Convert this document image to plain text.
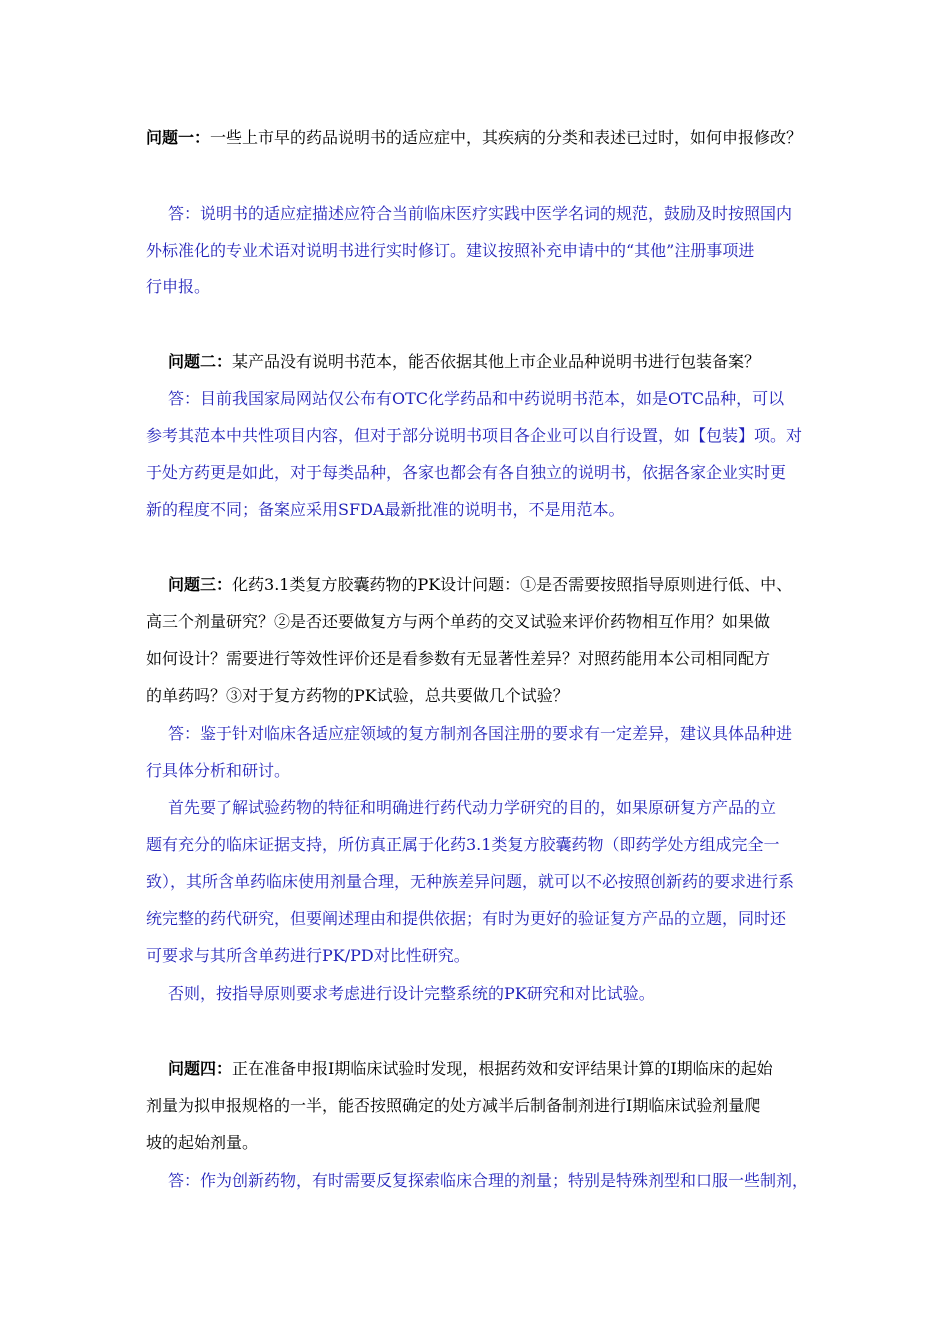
问题一：一些上市早的药品说明书的适应症中，其疾病的分类和表述已过时，如何申报修改？
答：说明书的适应症描述应符合当前临床医疗实践中医学名词的规范，鼓励及时按照国内
外标准化的专业术语对说明书进行实时修订。建议按照补充申请中的“其他”注册事项进
行申报。
问题二：某产品没有说明书范本，能否依据其他上市企业品种说明书进行包装备案？
答：目前我国家局网站仅公布有OTC化学药品和中药说明书范本，如是OTC品种，可以
参考其范本中共性项目内容，但对于部分说明书项目各企业可以自行设置，如【包装】项。对
于处方药更是如此，对于每类品种，各家也都会有各自独立的说明书，依据各家企业实时更
新的程度不同；备案应采用SFDA最新批准的说明书，不是用范本。
问题三：化药3.1类复方胶囊药物的PK设计问题：①是否需要按照指导原则进行低、中、
高三个剂量研究？②是否还要做复方与两个单药的交叉试验来评价药物相互作用？如果做
如何设计？需要进行等效性评价还是看参数有无显著性差异？对照药能用本公司相同配方
的单药吗？③对于复方药物的PK试验，总共要做几个试验？
答：鉴于针对临床各适应症领域的复方制剂各国注册的要求有一定差异，建议具体品种进
行具体分析和研讨。
首先要了解试验药物的特征和明确进行药代动力学研究的目的，如果原研复方产品的立
题有充分的临床证据支持，所仿真正属于化药3.1类复方胶囊药物（即药学处方组成完全一
致），其所含单药临床使用剂量合理，无种族差异问题，就可以不必按照创新药的要求进行系
统完整的药代研究，但要阐述理由和提供依据；有时为更好的验证复方产品的立题，同时还
可要求与其所含单药进行PK/PD对比性研究。
否则，按指导原则要求考虑进行设计完整系统的PK研究和对比试验。
问题四：正在准备申报Ⅰ期临床试验时发现，根据药效和安评结果计算的Ⅰ期临床的起始
剂量为拟申报规格的一半，能否按照确定的处方减半后制备制剂进行Ⅰ期临床试验剂量爬
坡的起始剂量。
答：作为创新药物，有时需要反复探索临床合理的剂量；特别是特殊剂型和口服一些制剂，
